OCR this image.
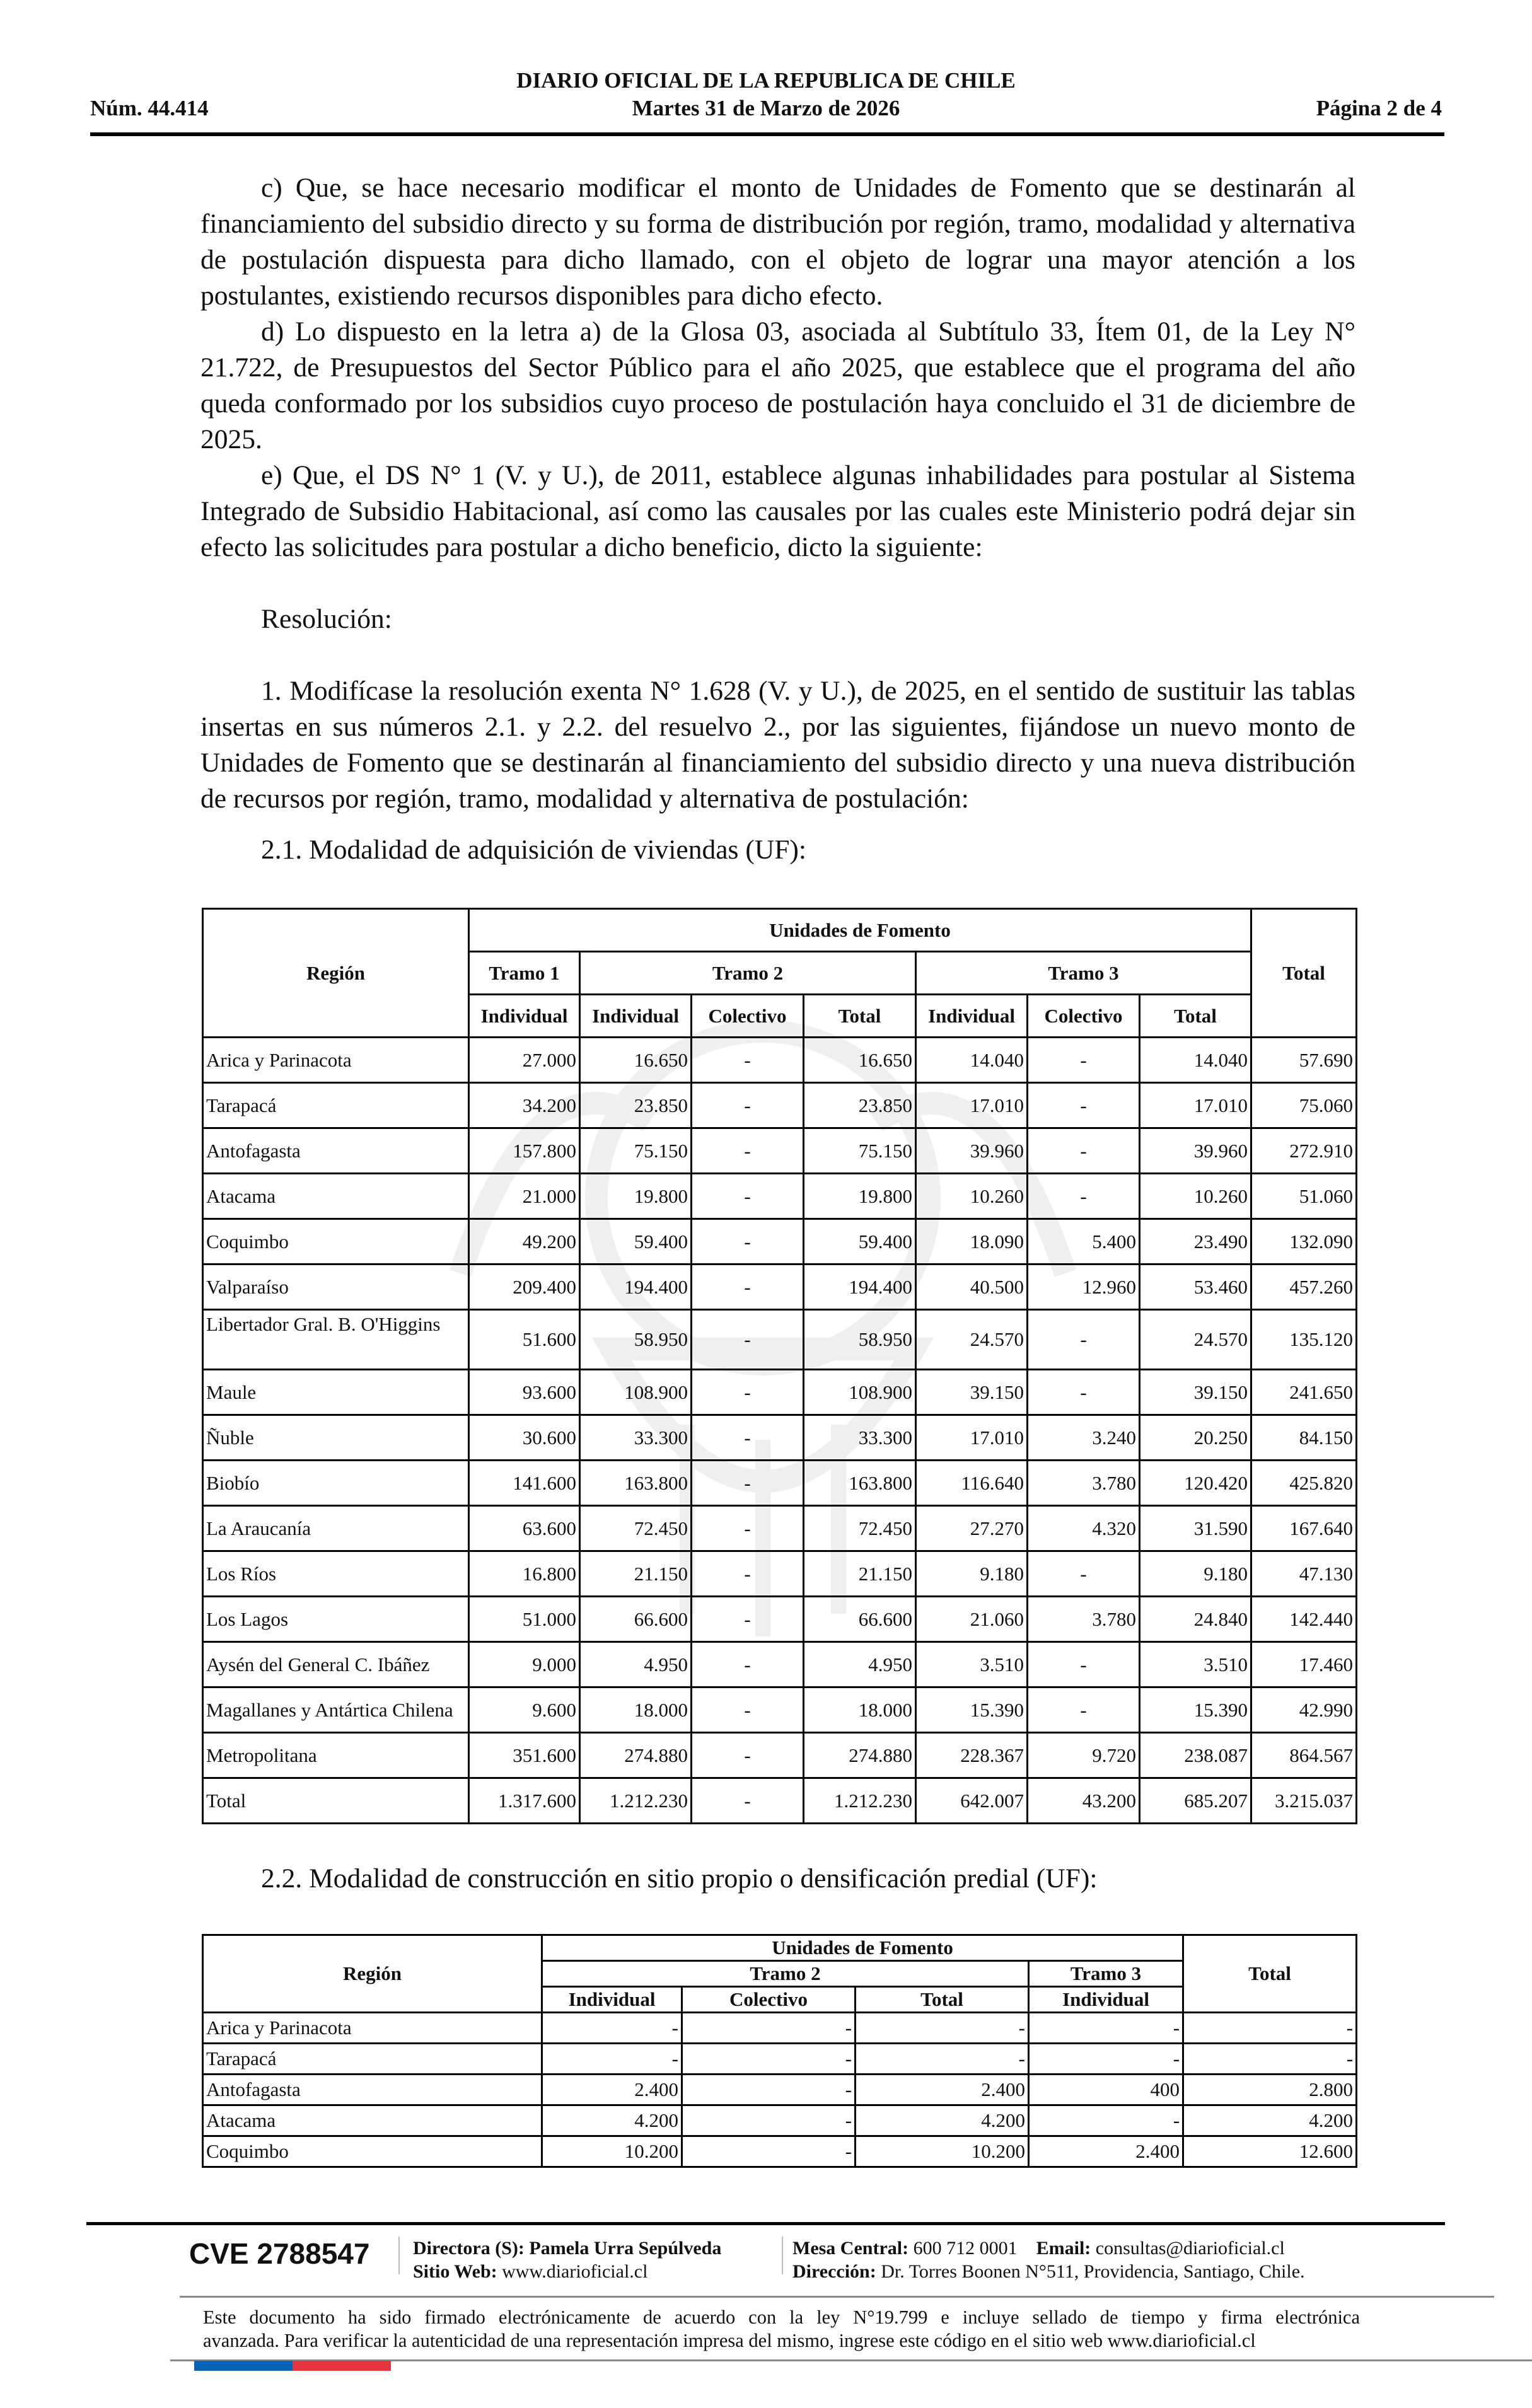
DIARIO OFICIAL DE LA REPUBLICA DE CHILE
Núm. 44.414	Martes 31 de Marzo de 2026	Página 2 de 4

c) Que, se hace necesario modificar el monto de Unidades de Fomento que se destinarán al financiamiento del subsidio directo y su forma de distribución por región, tramo, modalidad y alternativa de postulación dispuesta para dicho llamado, con el objeto de lograr una mayor atención a los postulantes, existiendo recursos disponibles para dicho efecto.

d) Lo dispuesto en la letra a) de la Glosa 03, asociada al Subtítulo 33, Ítem 01, de la Ley N° 21.722, de Presupuestos del Sector Público para el año 2025, que establece que el programa del año queda conformado por los subsidios cuyo proceso de postulación haya concluido el 31 de diciembre de 2025.

e) Que, el DS N° 1 (V. y U.), de 2011, establece algunas inhabilidades para postular al Sistema Integrado de Subsidio Habitacional, así como las causales por las cuales este Ministerio podrá dejar sin efecto las solicitudes para postular a dicho beneficio, dicto la siguiente:

Resolución:

1. Modifícase la resolución exenta N° 1.628 (V. y U.), de 2025, en el sentido de sustituir las tablas insertas en sus números 2.1. y 2.2. del resuelvo 2., por las siguientes, fijándose un nuevo monto de Unidades de Fomento que se destinarán al financiamiento del subsidio directo y una nueva distribución de recursos por región, tramo, modalidad y alternativa de postulación:

2.1. Modalidad de adquisición de viviendas (UF):
Región	Unidades de Fomento							Total
	Tramo 1	Tramo 2			Tramo 3			
	Individual	Individual	Colectivo	Total	Individual	Colectivo	Total	
Arica y Parinacota	27.000	16.650	-	16.650	14.040	-	14.040	57.690
Tarapacá	34.200	23.850	-	23.850	17.010	-	17.010	75.060
Antofagasta	157.800	75.150	-	75.150	39.960	-	39.960	272.910
Atacama	21.000	19.800	-	19.800	10.260	-	10.260	51.060
Coquimbo	49.200	59.400	-	59.400	18.090	5.400	23.490	132.090
Valparaíso	209.400	194.400	-	194.400	40.500	12.960	53.460	457.260
Libertador Gral. B. O'Higgins	51.600	58.950	-	58.950	24.570	-	24.570	135.120
Maule	93.600	108.900	-	108.900	39.150	-	39.150	241.650
Ñuble	30.600	33.300	-	33.300	17.010	3.240	20.250	84.150
Biobío	141.600	163.800	-	163.800	116.640	3.780	120.420	425.820
La Araucanía	63.600	72.450	-	72.450	27.270	4.320	31.590	167.640
Los Ríos	16.800	21.150	-	21.150	9.180	-	9.180	47.130
Los Lagos	51.000	66.600	-	66.600	21.060	3.780	24.840	142.440
Aysén del General C. Ibáñez	9.000	4.950	-	4.950	3.510	-	3.510	17.460
Magallanes y Antártica Chilena	9.600	18.000	-	18.000	15.390	-	15.390	42.990
Metropolitana	351.600	274.880	-	274.880	228.367	9.720	238.087	864.567
Total	1.317.600	1.212.230	-	1.212.230	642.007	43.200	685.207	3.215.037
2.2. Modalidad de construcción en sitio propio o densificación predial (UF):
Región	Unidades de Fomento				Total
	Tramo 2			Tramo 3	
	Individual	Colectivo	Total	Individual	
Arica y Parinacota	-	-	-	-	-
Tarapacá	-	-	-	-	-
Antofagasta	2.400	-	2.400	400	2.800
Atacama	4.200	-	4.200	-	4.200
Coquimbo	10.200	-	10.200	2.400	12.600
CVE 2788547 Directora (S): Pamela Urra Sepúlveda
Sitio Web: www.diarioficial.cl
Mesa Central: 600 712 0001 Email: consultas@diarioficial.cl
Dirección: Dr. Torres Boonen N°511, Providencia, Santiago, Chile.
Este documento ha sido firmado electrónicamente de acuerdo con la ley N°19.799 e incluye sellado de tiempo y firma electrónica
avanzada. Para verificar la autenticidad de una representación impresa del mismo, ingrese este código en el sitio web www.diarioficial.cl
